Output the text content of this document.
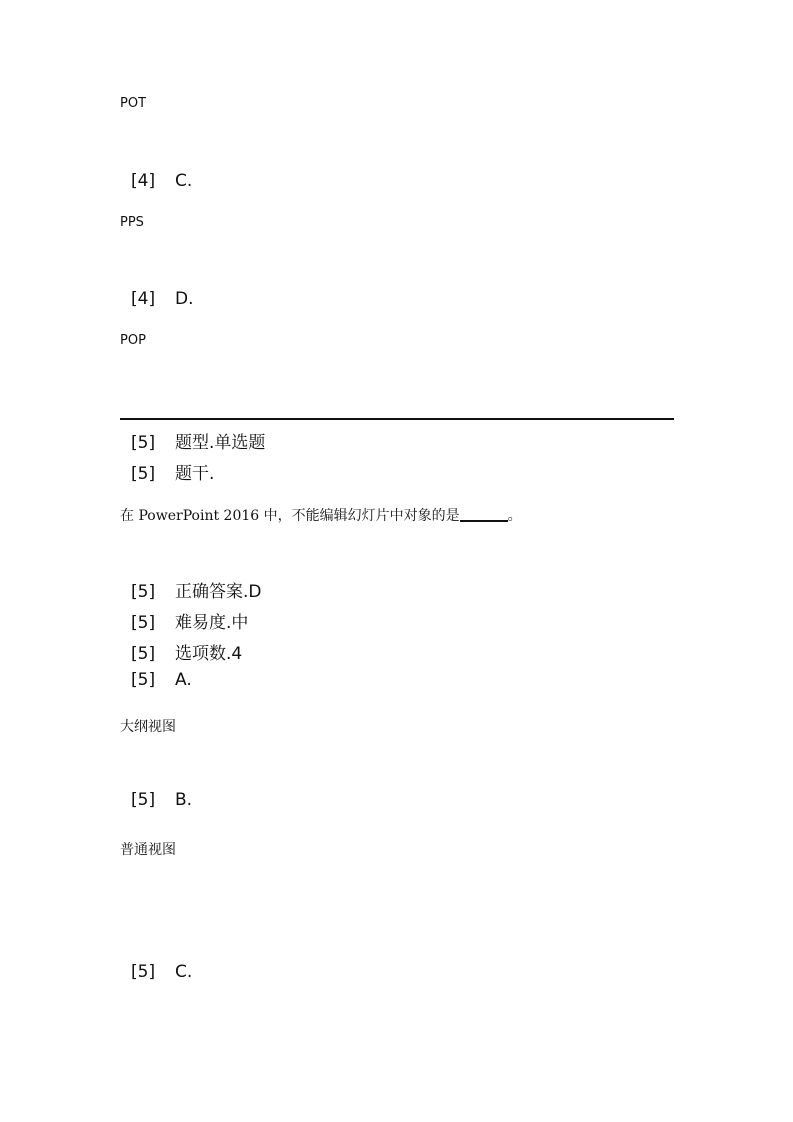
POT
[4] C.
PPS
[4] D.
POP
[5] 题型.单选题
[5] 题干.
在 PowerPoint 2016 中，不能编辑幻灯片中对象的是	。
[5] 正确答案.D
[5] 难易度.中
[5] 选项数.4
[5] A.
大纲视图
[5] B.
普通视图
[5] C.
